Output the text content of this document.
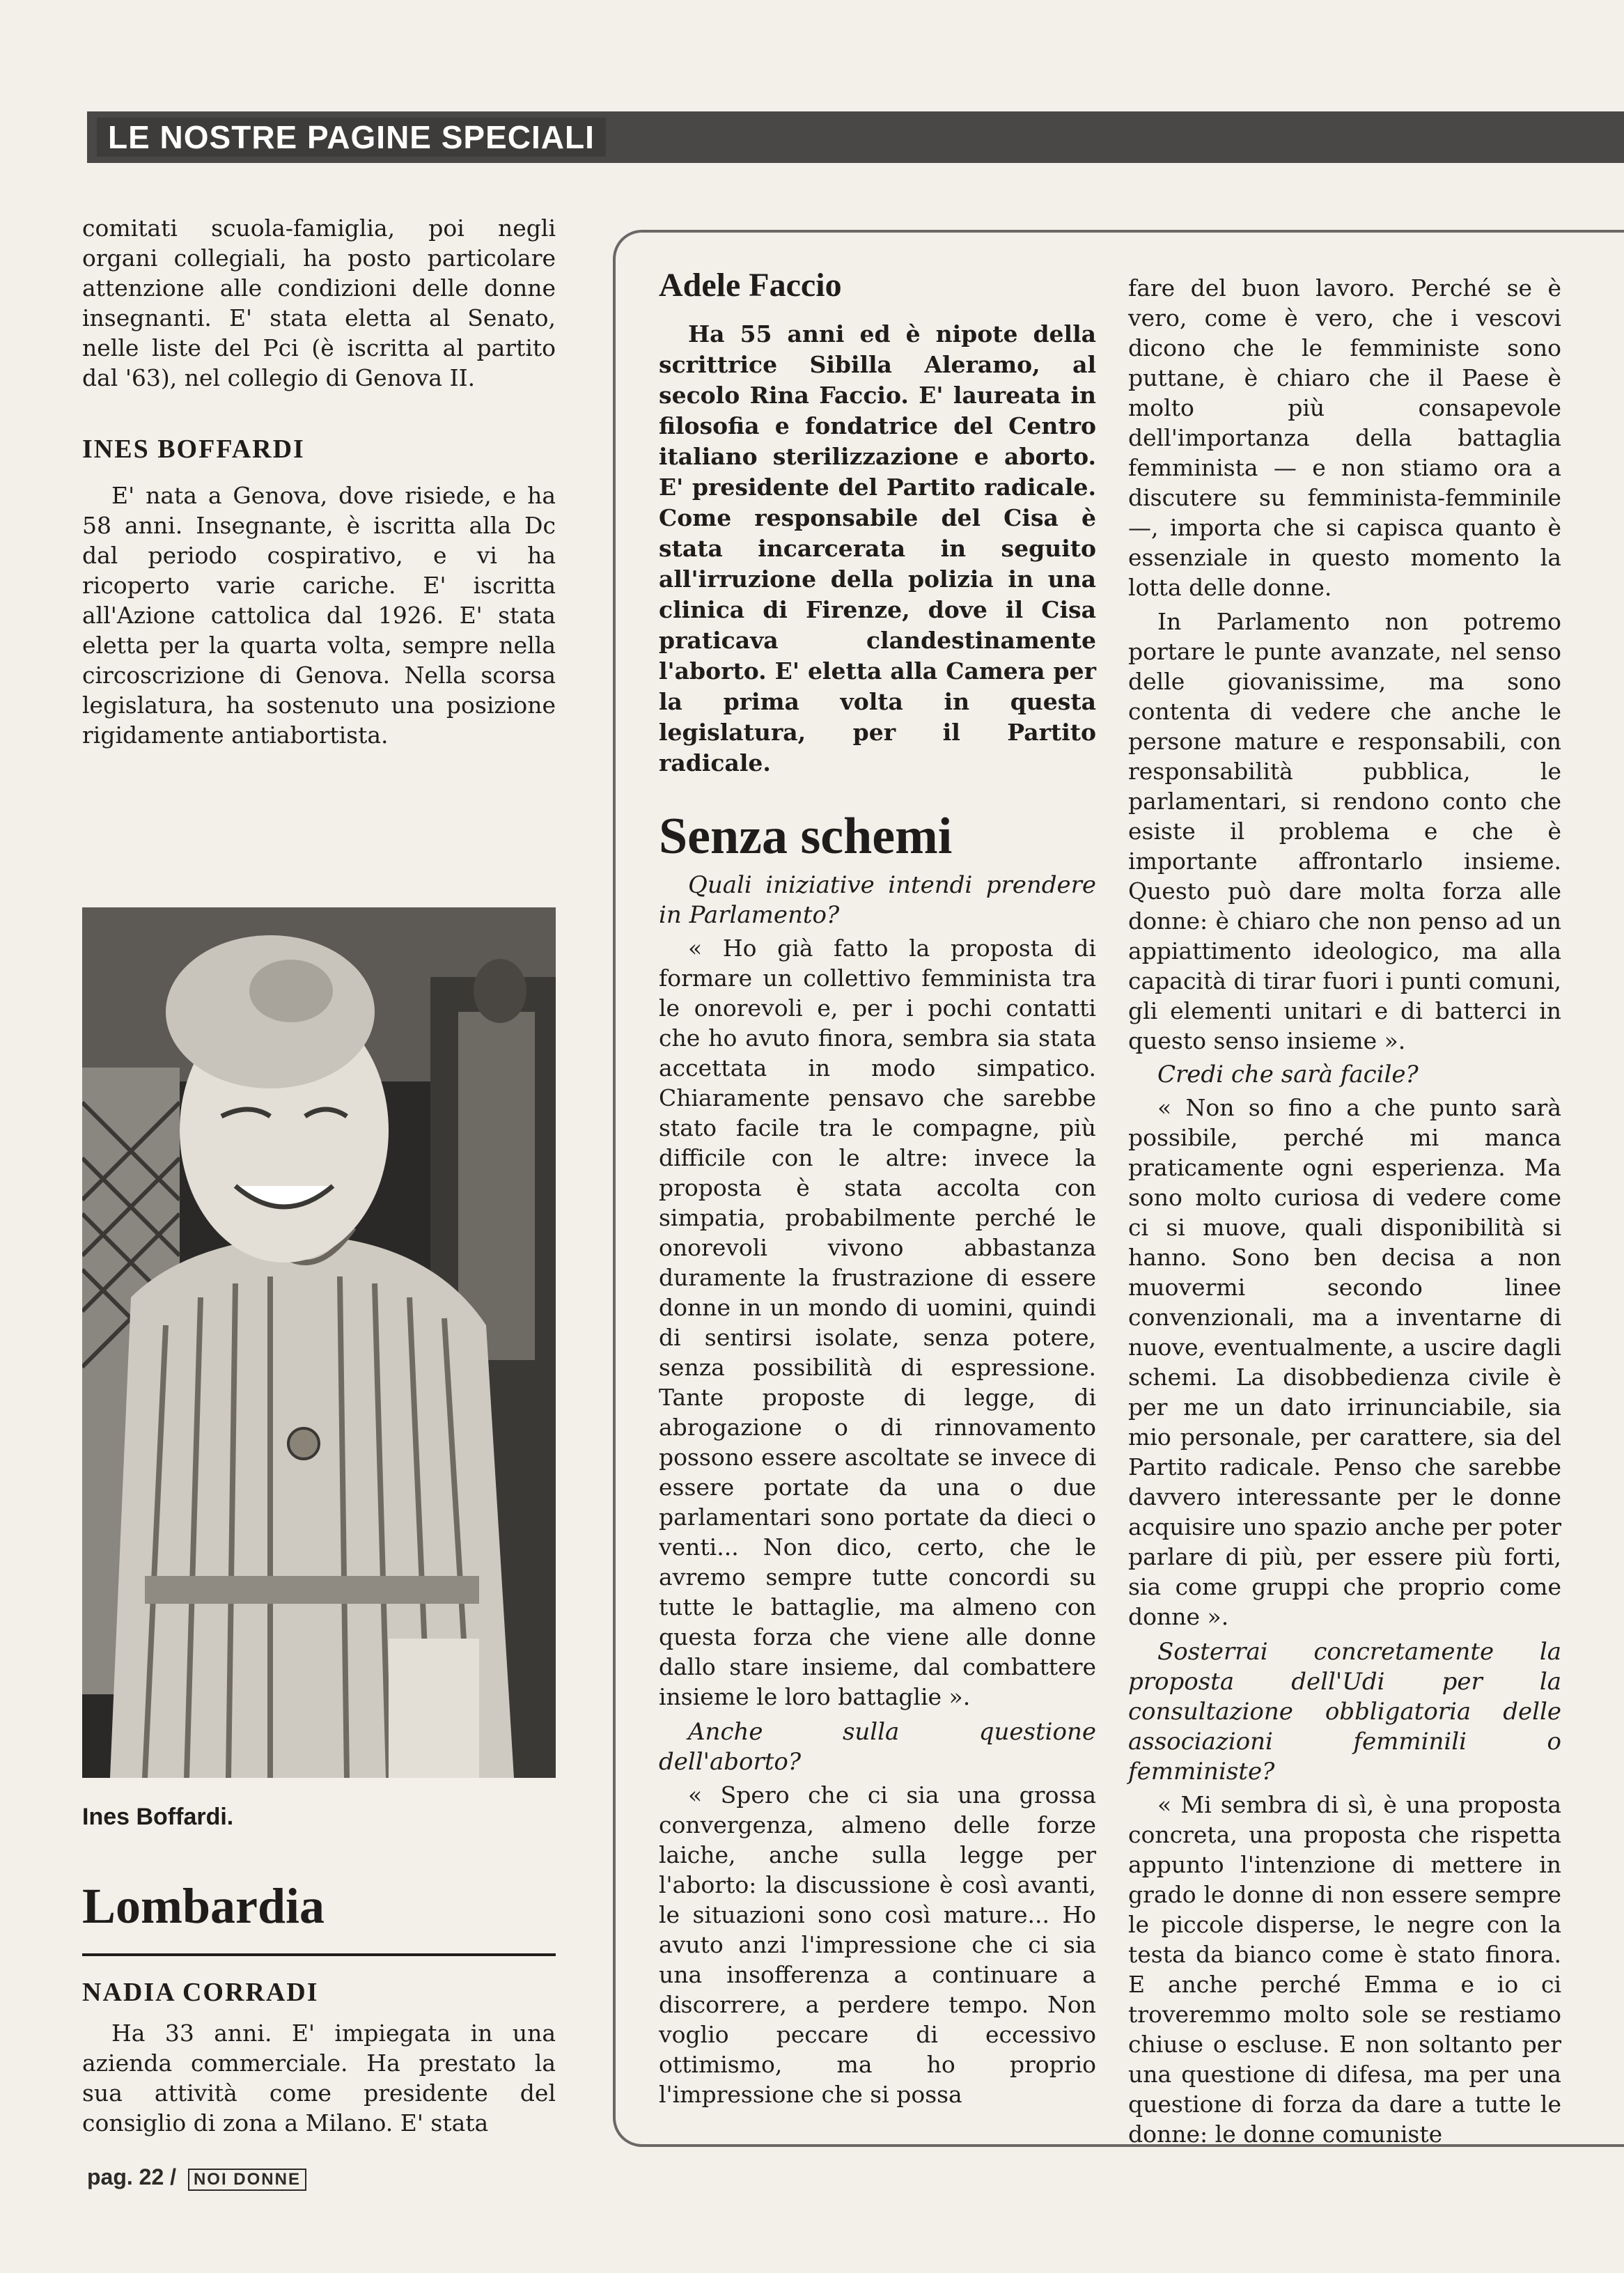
LE NOSTRE PAGINE SPECIALI

comitati scuola-famiglia, poi negli organi collegiali, ha posto particolare attenzione alle condizioni delle donne insegnanti. E' stata eletta al Senato, nelle liste del Pci (è iscritta al partito dal '63), nel collegio di Genova II.

INES BOFFARDI

E' nata a Genova, dove risiede, e ha 58 anni. Insegnante, è iscritta alla Dc dal periodo cospirativo, e vi ha ricoperto varie cariche. E' iscritta all'Azione cattolica dal 1926. E' stata eletta per la quarta volta, sempre nella circoscrizione di Genova. Nella scorsa legislatura, ha sostenuto una posizione rigidamente antiabortista.

Ines Boffardi.
Lombardia
NADIA CORRADI

Ha 33 anni. E' impiegata in una azienda commerciale. Ha prestato la sua attività come presidente del consiglio di zona a Milano. E' stata

Adele Faccio

Ha 55 anni ed è nipote della scrittrice Sibilla Aleramo, al secolo Rina Faccio. E' laureata in filosofia e fondatrice del Centro italiano sterilizzazione e aborto. E' presidente del Partito radicale. Come responsabile del Cisa è stata incarcerata in seguito all'irruzione della polizia in una clinica di Firenze, dove il Cisa praticava clandestinamente l'aborto. E' eletta alla Camera per la prima volta in questa legislatura, per il Partito radicale.

Senza schemi

Quali iniziative intendi prendere in Parlamento?

« Ho già fatto la proposta di formare un collettivo femminista tra le onorevoli e, per i pochi contatti che ho avuto finora, sembra sia stata accettata in modo simpatico. Chiaramente pensavo che sarebbe stato facile tra le compagne, più difficile con le altre: invece la proposta è stata accolta con simpatia, probabilmente perché le onorevoli vivono abbastanza duramente la frustrazione di essere donne in un mondo di uomini, quindi di sentirsi isolate, senza potere, senza possibilità di espressione. Tante proposte di legge, di abrogazione o di rinnovamento possono essere ascoltate se invece di essere portate da una o due parlamentari sono portate da dieci o venti... Non dico, certo, che le avremo sempre tutte concordi su tutte le battaglie, ma almeno con questa forza che viene alle donne dallo stare insieme, dal combattere insieme le loro battaglie ».

Anche sulla questione dell'aborto?

« Spero che ci sia una grossa convergenza, almeno delle forze laiche, anche sulla legge per l'aborto: la discussione è così avanti, le situazioni sono così mature... Ho avuto anzi l'impressione che ci sia una insofferenza a continuare a discorrere, a perdere tempo. Non voglio peccare di eccessivo ottimismo, ma ho proprio l'impressione che si possa

fare del buon lavoro. Perché se è vero, come è vero, che i vescovi dicono che le femministe sono puttane, è chiaro che il Paese è molto più consapevole dell'importanza della battaglia femminista — e non stiamo ora a discutere su femminista-femminile —, importa che si capisca quanto è essenziale in questo momento la lotta delle donne.

In Parlamento non potremo portare le punte avanzate, nel senso delle giovanissime, ma sono contenta di vedere che anche le persone mature e responsabili, con responsabilità pubblica, le parlamentari, si rendono conto che esiste il problema e che è importante affrontarlo insieme. Questo può dare molta forza alle donne: è chiaro che non penso ad un appiattimento ideologico, ma alla capacità di tirar fuori i punti comuni, gli elementi unitari e di batterci in questo senso insieme ».

Credi che sarà facile?

« Non so fino a che punto sarà possibile, perché mi manca praticamente ogni esperienza. Ma sono molto curiosa di vedere come ci si muove, quali disponibilità si hanno. Sono ben decisa a non muovermi secondo linee convenzionali, ma a inventarne di nuove, eventualmente, a uscire dagli schemi. La disobbedienza civile è per me un dato irrinunciabile, sia mio personale, per carattere, sia del Partito radicale. Penso che sarebbe davvero interessante per le donne acquisire uno spazio anche per poter parlare di più, per essere più forti, sia come gruppi che proprio come donne ».

Sosterrai concretamente la proposta dell'Udi per la consultazione obbligatoria delle associazioni femminili o femministe?

« Mi sembra di sì, è una proposta concreta, una proposta che rispetta appunto l'intenzione di mettere in grado le donne di non essere sempre le piccole disperse, le negre con la testa da bianco come è stato finora. E anche perché Emma e io ci troveremmo molto sole se restiamo chiuse o escluse. E non soltanto per una questione di difesa, ma per una questione di forza da dare a tutte le donne: le donne comuniste

pag. 22 / NOI DONNE
